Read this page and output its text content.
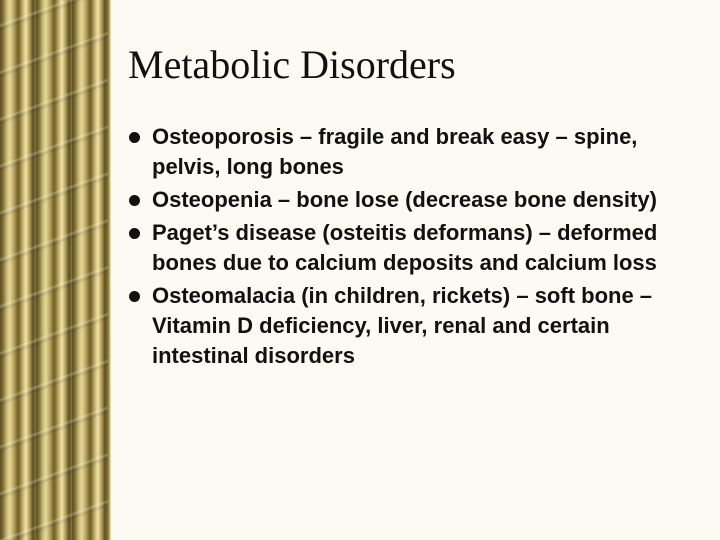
Metabolic Disorders
Osteoporosis – fragile and break easy – spine, pelvis, long bones
Osteopenia – bone lose (decrease bone density)
Paget’s disease (osteitis deformans) – deformed bones due to calcium deposits and calcium loss
Osteomalacia (in children, rickets) – soft bone – Vitamin D deficiency, liver, renal and certain intestinal disorders
